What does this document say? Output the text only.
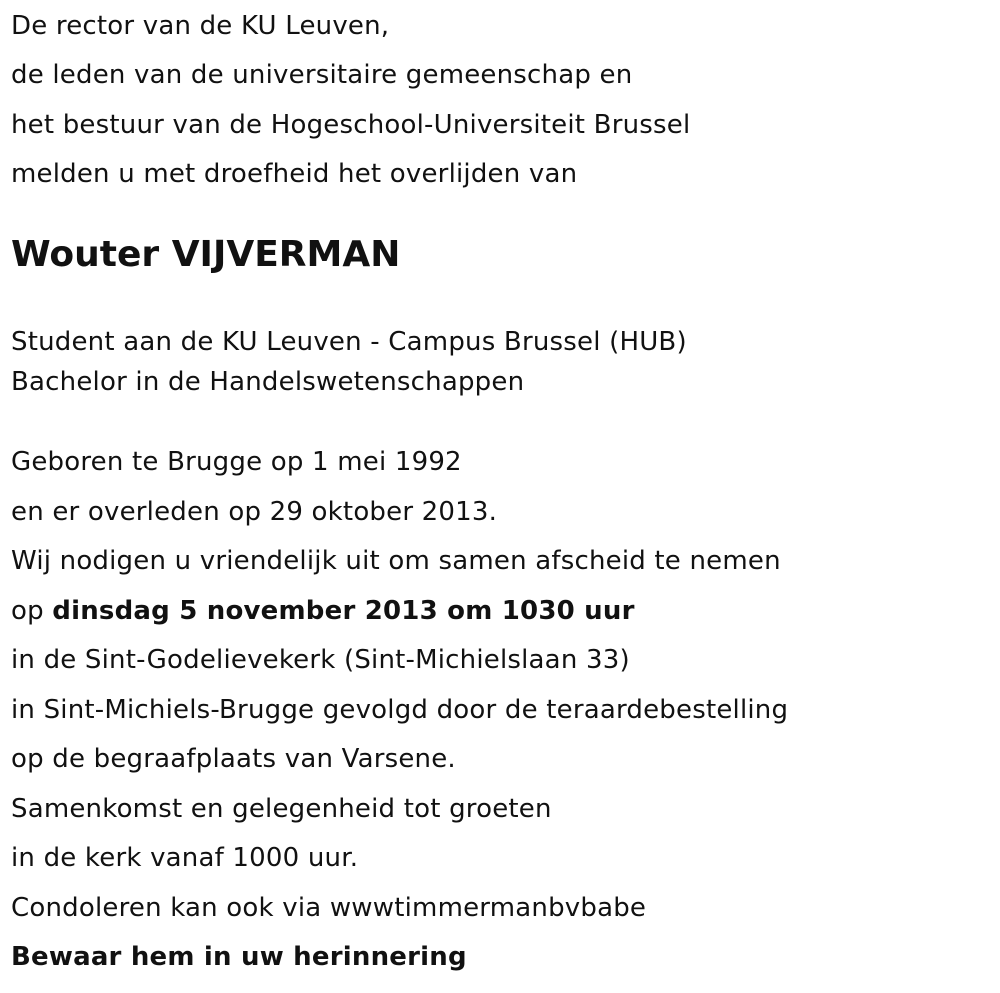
De rector van de KU Leuven,
de leden van de universitaire gemeenschap en
het bestuur van de Hogeschool-Universiteit Brussel
melden u met droefheid het overlijden van
Wouter VIJVERMAN
Student aan de KU Leuven - Campus Brussel (HUB)
Bachelor in de Handelswetenschappen
Geboren te Brugge op 1 mei 1992
en er overleden op 29 oktober 2013.
Wij nodigen u vriendelijk uit om samen afscheid te nemen
op dinsdag 5 november 2013 om 1030 uur
in de Sint-Godelievekerk (Sint-Michielslaan 33)
in Sint-Michiels-Brugge gevolgd door de teraardebestelling
op de begraafplaats van Varsene.
Samenkomst en gelegenheid tot groeten
in de kerk vanaf 1000 uur.
Condoleren kan ook via wwwtimmermanbvbabe
Bewaar hem in uw herinnering
